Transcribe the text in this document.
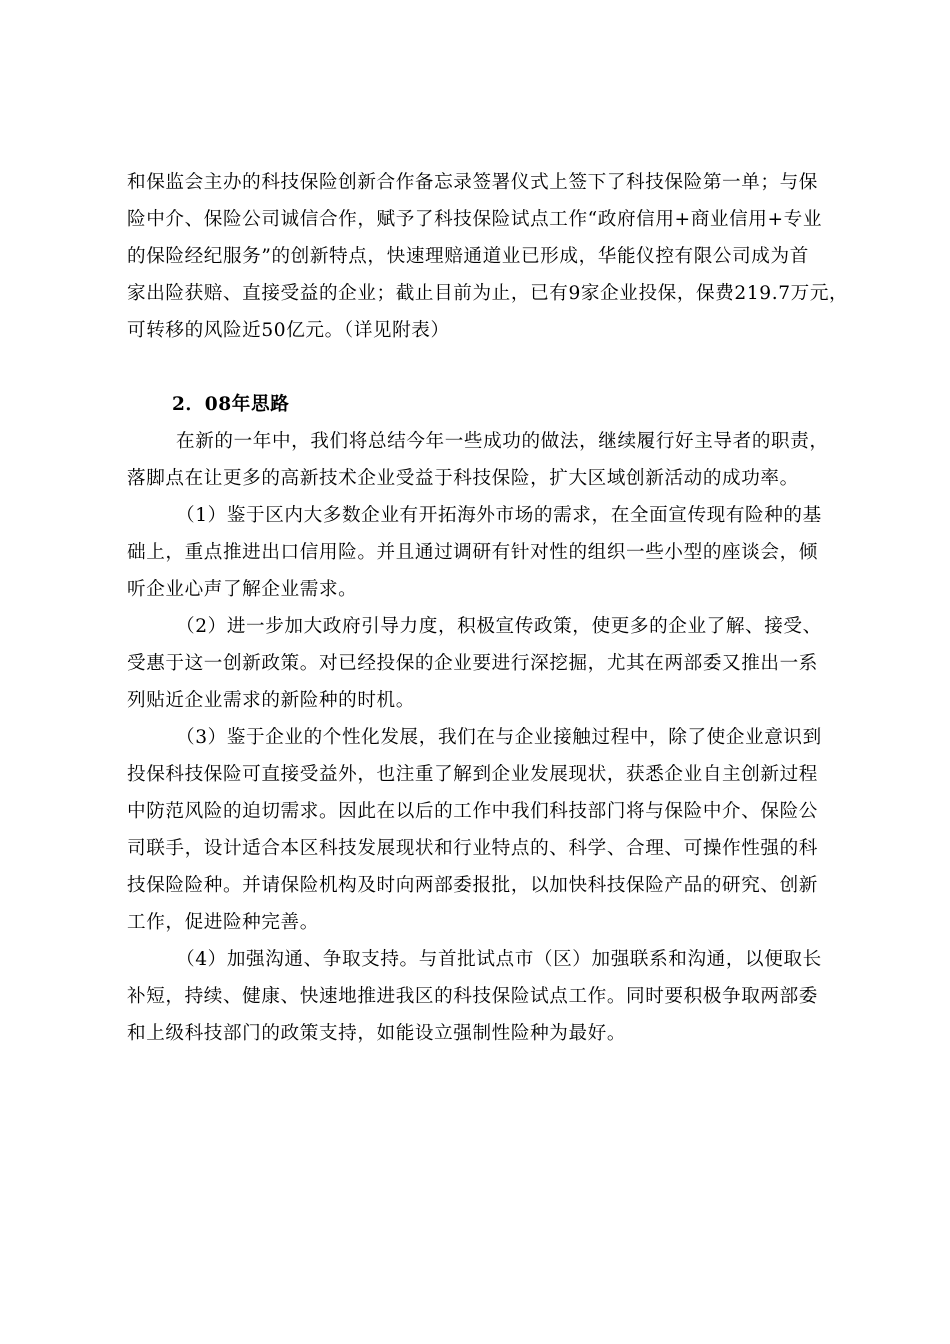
和保监会主办的科技保险创新合作备忘录签署仪式上签下了科技保险第一单；与保
险中介、保险公司诚信合作，赋予了科技保险试点工作“政府信用+商业信用+专业
的保险经纪服务”的创新特点，快速理赔通道业已形成，华能仪控有限公司成为首
家出险获赔、直接受益的企业；截止目前为止，已有9家企业投保，保费219.7万元，
可转移的风险近50亿元。（详见附表）
2．08年思路
在新的一年中，我们将总结今年一些成功的做法，继续履行好主导者的职责，
落脚点在让更多的高新技术企业受益于科技保险，扩大区域创新活动的成功率。
（1）鉴于区内大多数企业有开拓海外市场的需求，在全面宣传现有险种的基
础上，重点推进出口信用险。并且通过调研有针对性的组织一些小型的座谈会，倾
听企业心声了解企业需求。
（2）进一步加大政府引导力度，积极宣传政策，使更多的企业了解、接受、
受惠于这一创新政策。对已经投保的企业要进行深挖掘，尤其在两部委又推出一系
列贴近企业需求的新险种的时机。
（3）鉴于企业的个性化发展，我们在与企业接触过程中，除了使企业意识到
投保科技保险可直接受益外，也注重了解到企业发展现状，获悉企业自主创新过程
中防范风险的迫切需求。因此在以后的工作中我们科技部门将与保险中介、保险公
司联手，设计适合本区科技发展现状和行业特点的、科学、合理、可操作性强的科
技保险险种。并请保险机构及时向两部委报批，以加快科技保险产品的研究、创新
工作，促进险种完善。
（4）加强沟通、争取支持。与首批试点市（区）加强联系和沟通，以便取长
补短，持续、健康、快速地推进我区的科技保险试点工作。同时要积极争取两部委
和上级科技部门的政策支持，如能设立强制性险种为最好。
